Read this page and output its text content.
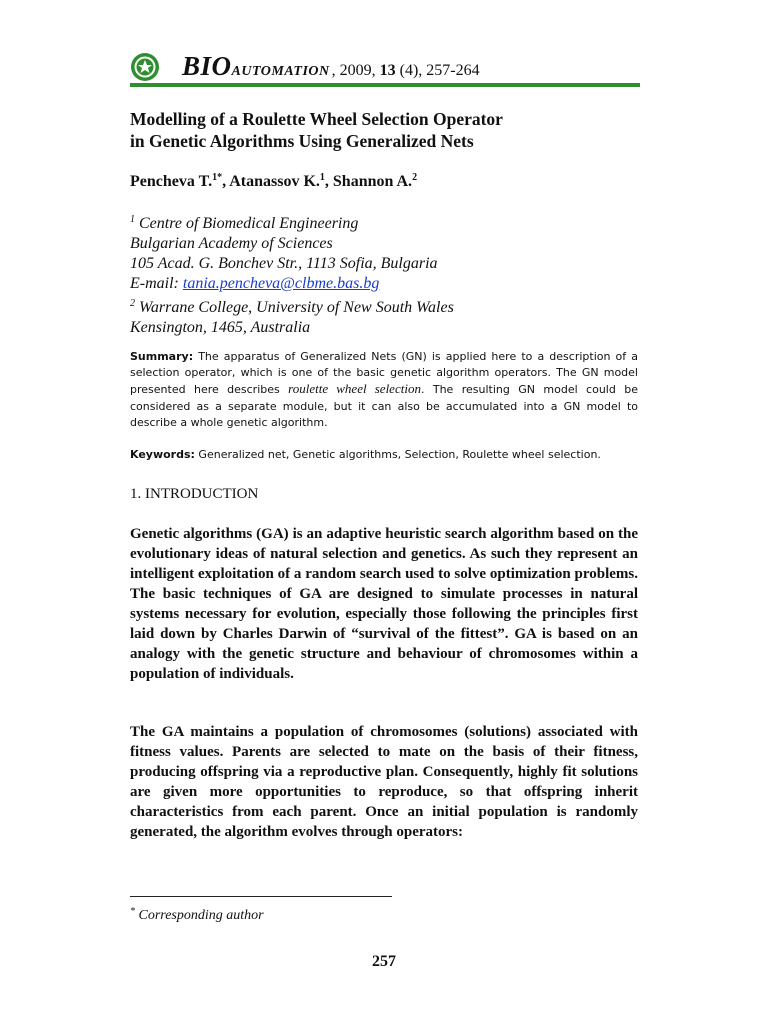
BIOAUTOMATION , 2009, 13 (4), 257-264
Modelling of a Roulette Wheel Selection Operator
in Genetic Algorithms Using Generalized Nets
Pencheva T.$^{1*}$, Atanassov K.$^1$, Shannon A.$^2$
$^1$ Centre of Biomedical Engineering
Bulgarian Academy of Sciences
105 Acad. G. Bonchev Str., 1113 Sofia, Bulgaria
E-mail: tania.pencheva@clbme.bas.bg
$^2$ Warrane College, University of New South Wales
Kensington, 1465, Australia
Summary: The apparatus of Generalized Nets (GN) is applied here to a description of a selection operator, which is one of the basic genetic algorithm operators. The GN model presented here describes roulette wheel selection. The resulting GN model could be considered as a separate module, but it can also be accumulated into a GN model to describe a whole genetic algorithm.
Keywords: Generalized net, Genetic algorithms, Selection, Roulette wheel selection.
1. INTRODUCTION
Genetic algorithms (GA) is an adaptive heuristic search algorithm based on the evolutionary ideas of natural selection and genetics. As such they represent an intelligent exploitation of a random search used to solve optimization problems. The basic techniques of GA are designed to simulate processes in natural systems necessary for evolution, especially those following the principles first laid down by Charles Darwin of “survival of the fittest”. GA is based on an analogy with the genetic structure and behaviour of chromosomes within a population of individuals.
The GA maintains a population of chromosomes (solutions) associated with fitness values. Parents are selected to mate on the basis of their fitness, producing offspring via a reproductive plan. Consequently, highly fit solutions are given more opportunities to reproduce, so that offspring inherit characteristics from each parent. Once an initial population is randomly generated, the algorithm evolves through operators:
* Corresponding author
257
